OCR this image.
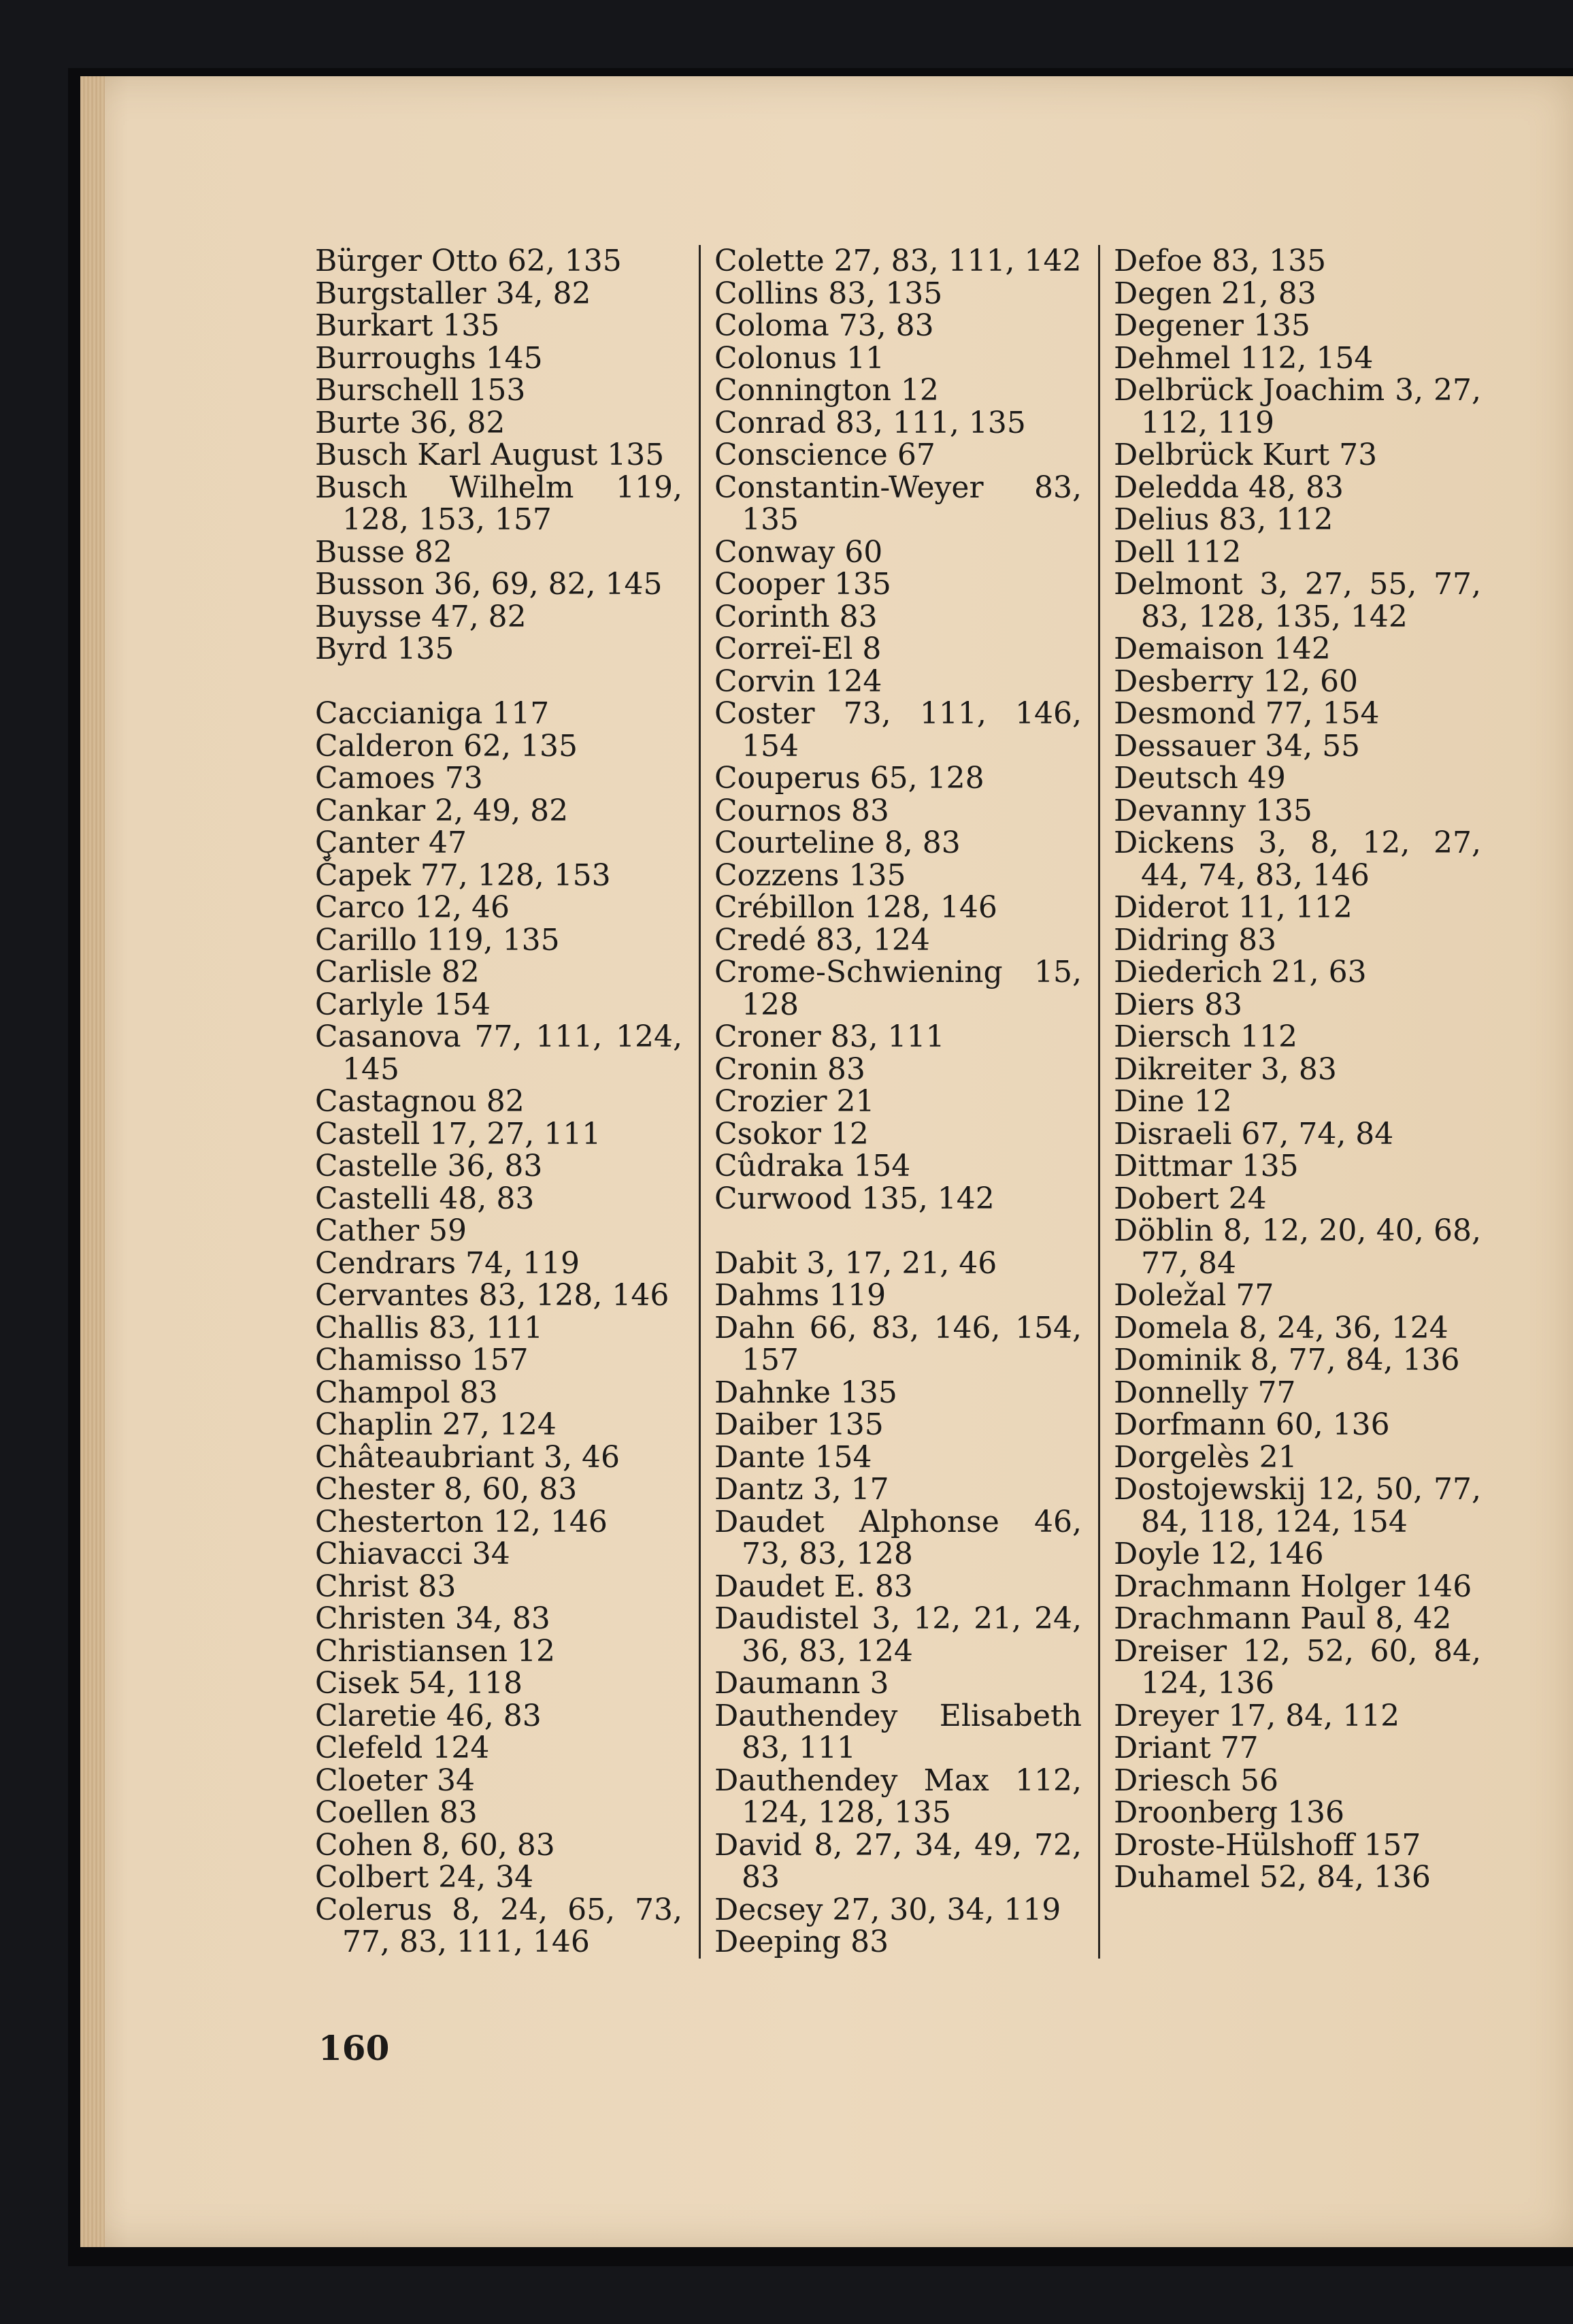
Bürger Otto 62, 135
Burgstaller 34, 82
Burkart 135
Burroughs 145
Burschell 153
Burte 36, 82
Busch Karl August 135
Busch Wilhelm 119, 128, 153, 157
Busse 82
Busson 36, 69, 82, 145
Buysse 47, 82
Byrd 135
Caccianiga 117
Calderon 62, 135
Camoes 73
Cankar 2, 49, 82
Çanter 47
Čapek 77, 128, 153
Carco 12, 46
Carillo 119, 135
Carlisle 82
Carlyle 154
Casanova 77, 111, 124, 145
Castagnou 82
Castell 17, 27, 111
Castelle 36, 83
Castelli 48, 83
Cather 59
Cendrars 74, 119
Cervantes 83, 128, 146
Challis 83, 111
Chamisso 157
Champol 83
Chaplin 27, 124
Châteaubriant 3, 46
Chester 8, 60, 83
Chesterton 12, 146
Chiavacci 34
Christ 83
Christen 34, 83
Christiansen 12
Cisek 54, 118
Claretie 46, 83
Clefeld 124
Cloeter 34
Coellen 83
Cohen 8, 60, 83
Colbert 24, 34
Colerus 8, 24, 65, 73, 77, 83, 111, 146
Colette 27, 83, 111, 142
Collins 83, 135
Coloma 73, 83
Colonus 11
Connington 12
Conrad 83, 111, 135
Conscience 67
Constantin-Weyer 83, 135
Conway 60
Cooper 135
Corinth 83
Correï-El 8
Corvin 124
Coster 73, 111, 146, 154
Couperus 65, 128
Cournos 83
Courteline 8, 83
Cozzens 135
Crébillon 128, 146
Credé 83, 124
Crome-Schwiening 15, 128
Croner 83, 111
Cronin 83
Crozier 21
Csokor 12
Cûdraka 154
Curwood 135, 142
Dabit 3, 17, 21, 46
Dahms 119
Dahn 66, 83, 146, 154, 157
Dahnke 135
Daiber 135
Dante 154
Dantz 3, 17
Daudet Alphonse 46, 73, 83, 128
Daudet E. 83
Daudistel 3, 12, 21, 24, 36, 83, 124
Daumann 3
Dauthendey Elisabeth 83, 111
Dauthendey Max 112, 124, 128, 135
David 8, 27, 34, 49, 72, 83
Decsey 27, 30, 34, 119
Deeping 83
Defoe 83, 135
Degen 21, 83
Degener 135
Dehmel 112, 154
Delbrück Joachim 3, 27, 112, 119
Delbrück Kurt 73
Deledda 48, 83
Delius 83, 112
Dell 112
Delmont 3, 27, 55, 77, 83, 128, 135, 142
Demaison 142
Desberry 12, 60
Desmond 77, 154
Dessauer 34, 55
Deutsch 49
Devanny 135
Dickens 3, 8, 12, 27, 44, 74, 83, 146
Diderot 11, 112
Didring 83
Diederich 21, 63
Diers 83
Diersch 112
Dikreiter 3, 83
Dine 12
Disraeli 67, 74, 84
Dittmar 135
Dobert 24
Döblin 8, 12, 20, 40, 68, 77, 84
Doležal 77
Domela 8, 24, 36, 124
Dominik 8, 77, 84, 136
Donnelly 77
Dorfmann 60, 136
Dorgelès 21
Dostojewskij 12, 50, 77, 84, 118, 124, 154
Doyle 12, 146
Drachmann Holger 146
Drachmann Paul 8, 42
Dreiser 12, 52, 60, 84, 124, 136
Dreyer 17, 84, 112
Driant 77
Driesch 56
Droonberg 136
Droste-Hülshoff 157
Duhamel 52, 84, 136
160
